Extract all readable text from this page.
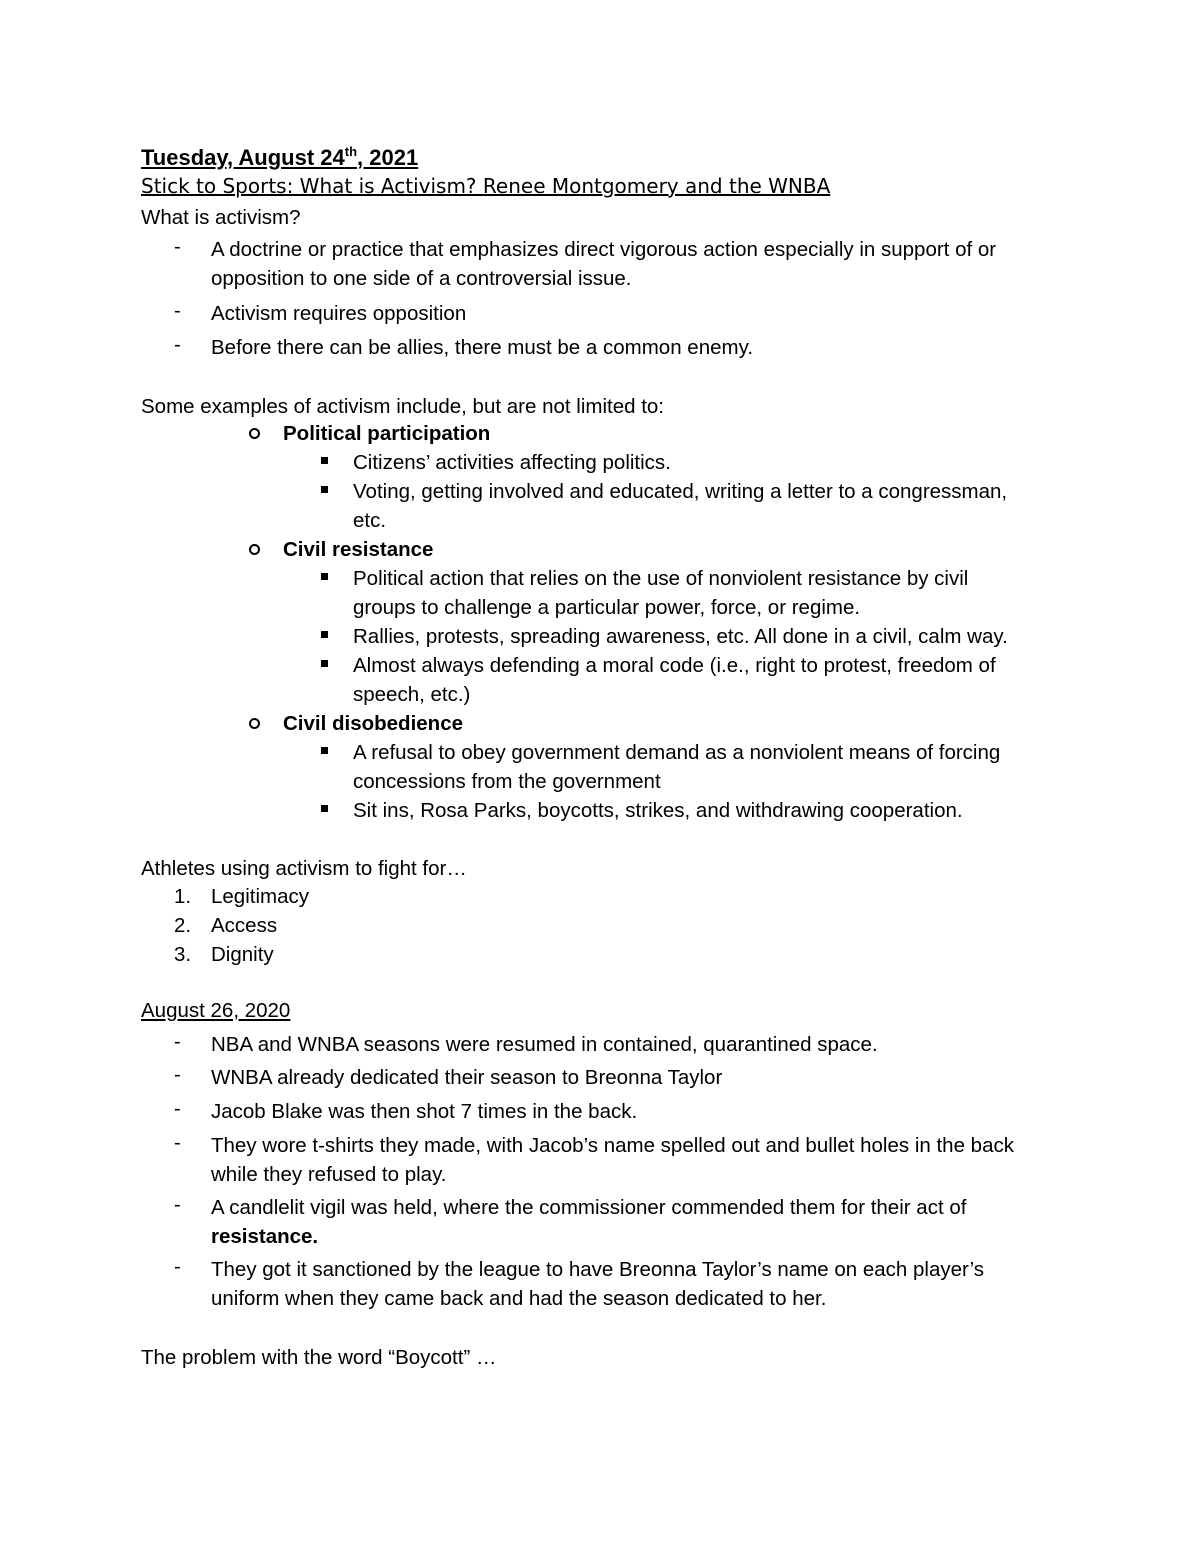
Tuesday, August 24th, 2021
Stick to Sports: What is Activism? Renee Montgomery and the WNBA
What is activism?
- A doctrine or practice that emphasizes direct vigorous action especially in support of or
opposition to one side of a controversial issue.
- Activism requires opposition
- Before there can be allies, there must be a common enemy.
Some examples of activism include, but are not limited to:
Political participation
Citizens’ activities affecting politics.
Voting, getting involved and educated, writing a letter to a congressman,
etc.
Civil resistance
Political action that relies on the use of nonviolent resistance by civil
groups to challenge a particular power, force, or regime.
Rallies, protests, spreading awareness, etc. All done in a civil, calm way.
Almost always defending a moral code (i.e., right to protest, freedom of
speech, etc.)
Civil disobedience
A refusal to obey government demand as a nonviolent means of forcing
concessions from the government
Sit ins, Rosa Parks, boycotts, strikes, and withdrawing cooperation.
Athletes using activism to fight for…
1. Legitimacy
2. Access
3. Dignity
August 26, 2020
- NBA and WNBA seasons were resumed in contained, quarantined space.
- WNBA already dedicated their season to Breonna Taylor
- Jacob Blake was then shot 7 times in the back.
- They wore t-shirts they made, with Jacob’s name spelled out and bullet holes in the back
while they refused to play.
- A candlelit vigil was held, where the commissioner commended them for their act of
resistance.
- They got it sanctioned by the league to have Breonna Taylor’s name on each player’s
uniform when they came back and had the season dedicated to her.
The problem with the word “Boycott” …
